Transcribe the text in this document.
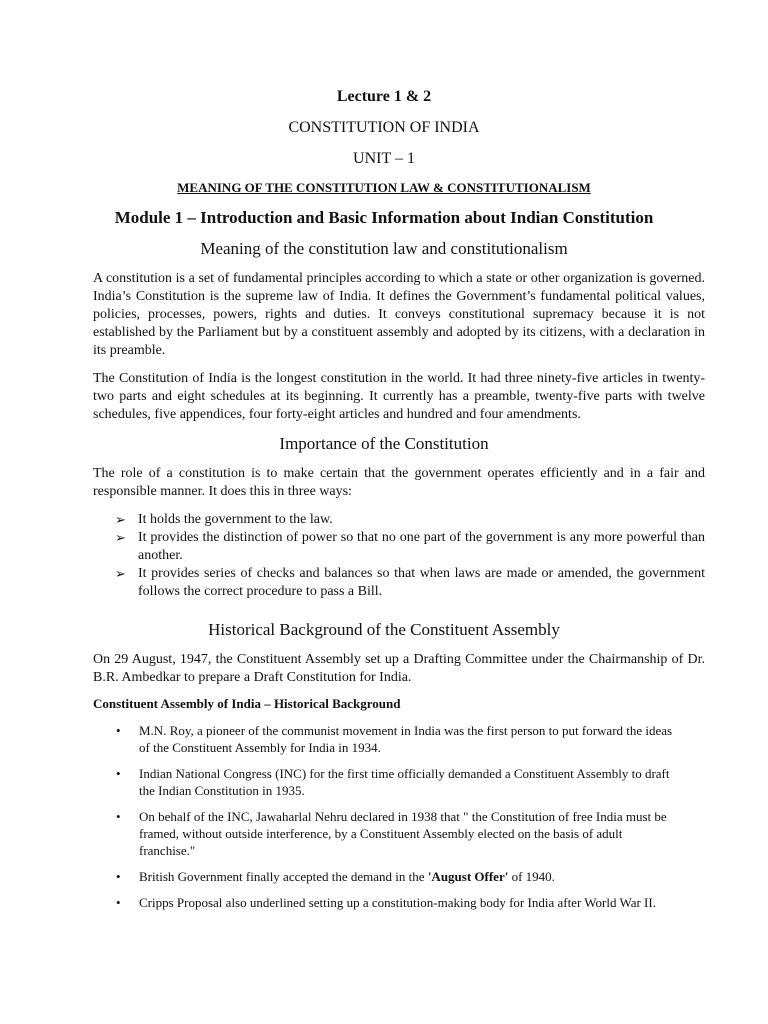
Lecture 1 & 2
CONSTITUTION OF INDIA
UNIT – 1
MEANING OF THE CONSTITUTION LAW & CONSTITUTIONALISM
Module 1 – Introduction and Basic Information about Indian Constitution
Meaning of the constitution law and constitutionalism

A constitution is a set of fundamental principles according to which a state or other organization is governed. India’s Constitution is the supreme law of India. It defines the Government’s fundamental political values, policies, processes, powers, rights and duties. It conveys constitutional supremacy because it is not established by the Parliament but by a constituent assembly and adopted by its citizens, with a declaration in its preamble.

The Constitution of India is the longest constitution in the world. It had three ninety-five articles in twenty-two parts and eight schedules at its beginning. It currently has a preamble, twenty-five parts with twelve schedules, five appendices, four forty-eight articles and hundred and four amendments.

Importance of the Constitution

The role of a constitution is to make certain that the government operates efficiently and in a fair and responsible manner. It does this in three ways:

➢ It holds the government to the law.
➢ It provides the distinction of power so that no one part of the government is any more powerful than another.
➢ It provides series of checks and balances so that when laws are made or amended, the government follows the correct procedure to pass a Bill.
Historical Background of the Constituent Assembly

On 29 August, 1947, the Constituent Assembly set up a Drafting Committee under the Chairmanship of Dr. B.R. Ambedkar to prepare a Draft Constitution for India.

Constituent Assembly of India – Historical Background
• M.N. Roy, a pioneer of the communist movement in India was the first person to put forward the ideas of the Constituent Assembly for India in 1934.
• Indian National Congress (INC) for the first time officially demanded a Constituent Assembly to draft the Indian Constitution in 1935.
• On behalf of the INC, Jawaharlal Nehru declared in 1938 that " the Constitution of free India must be framed, without outside interference, by a Constituent Assembly elected on the basis of adult franchise."
• British Government finally accepted the demand in the 'August Offer' of 1940.
• Cripps Proposal also underlined setting up a constitution-making body for India after World War II.
